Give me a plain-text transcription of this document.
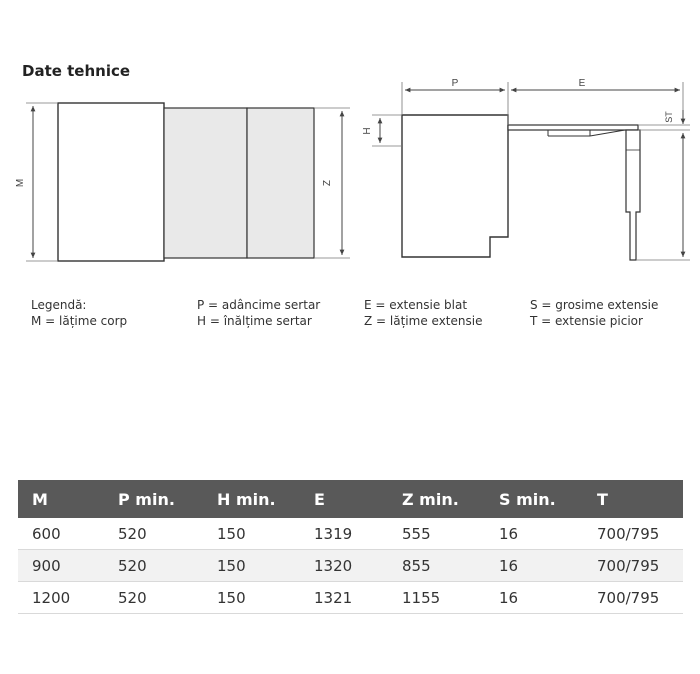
Date tehnice
M	Z
P	E
H
ST
Legendă:
M = lățime corp
P = adâncime sertar
H = înălțime sertar
E = extensie blat
Z = lățime extensie
S = grosime extensie
T = extensie picior
M	P min.	H min.	E	Z min.	S min.	T
600	520	150	1319	555	16	700/795
900	520	150	1320	855	16	700/795
1200	520	150	1321	1155	16	700/795
